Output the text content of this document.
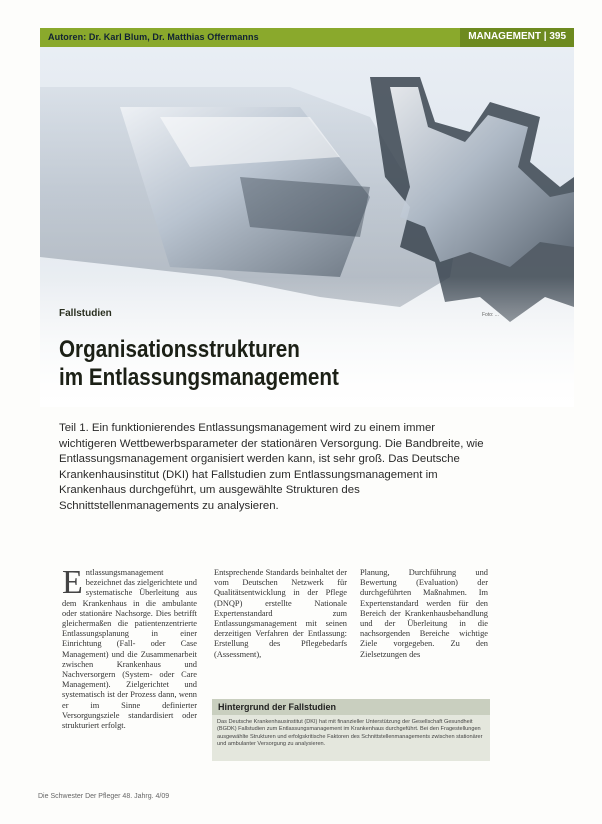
Autoren: Dr. Karl Blum, Dr. Matthias Offermanns	MANAGEMENT | 395
Fallstudien	Foto: ...
Organisationsstrukturen
im Entlassungsmanagement

Teil 1. Ein funktionierendes Entlassungsmanagement wird zu einem immer wichtigeren Wettbewerbsparameter der stationären Versorgung. Die Bandbreite, wie Entlassungsmanagement organisiert werden kann, ist sehr groß. Das Deutsche Krankenhausinstitut (DKI) hat Fallstudien zum Entlassungsmanagement im Krankenhaus durchgeführt, um ausgewählte Strukturen des Schnittstellenmanagements zu analysieren.

Entlassungsmanagement bezeichnet das zielgerichtete und systematische Überleitung aus dem Krankenhaus in die ambulante oder stationäre Nachsorge. Dies betrifft gleichermaßen die patientenzentrierte Entlassungsplanung in einer Einrichtung (Fall- oder Case Management) und die Zusammenarbeit zwischen Krankenhaus und Nachversorgern (System- oder Care Management). Zielgerichtet und systematisch ist der Prozess dann, wenn er im Sinne definierter Versorgungsziele standardisiert oder strukturiert erfolgt.
Entsprechende Standards beinhaltet der vom Deutschen Netzwerk für Qualitätsentwicklung in der Pflege (DNQP) erstellte Nationale Expertenstandard zum Entlassungsmanagement mit seinen derzeitigen Verfahren der Entlassung: Erstellung des Pflegebedarfs (Assessment),
Planung, Durchführung und Bewertung (Evaluation) der durchgeführten Maßnahmen. Im Expertenstandard werden für den Bereich der Krankenhausbehandlung und der Überleitung in die nachsorgenden Bereiche wichtige Ziele vorgegeben. Zu den Zielsetzungen des
Hintergrund der Fallstudien
Das Deutsche Krankenhausinstitut (DKI) hat mit finanzieller Unterstützung der Gesellschaft Gesundheit (BGDK) Fallstudien zum Entlassungsmanagement im Krankenhaus durchgeführt. Bei den Fragestellungen ausgewählte Strukturen und erfolgskritische Faktoren des Schnittstellenmanagements zwischen stationärer und ambulanter Versorgung zu analysieren.
Die Schwester Der Pfleger 48. Jahrg. 4/09
